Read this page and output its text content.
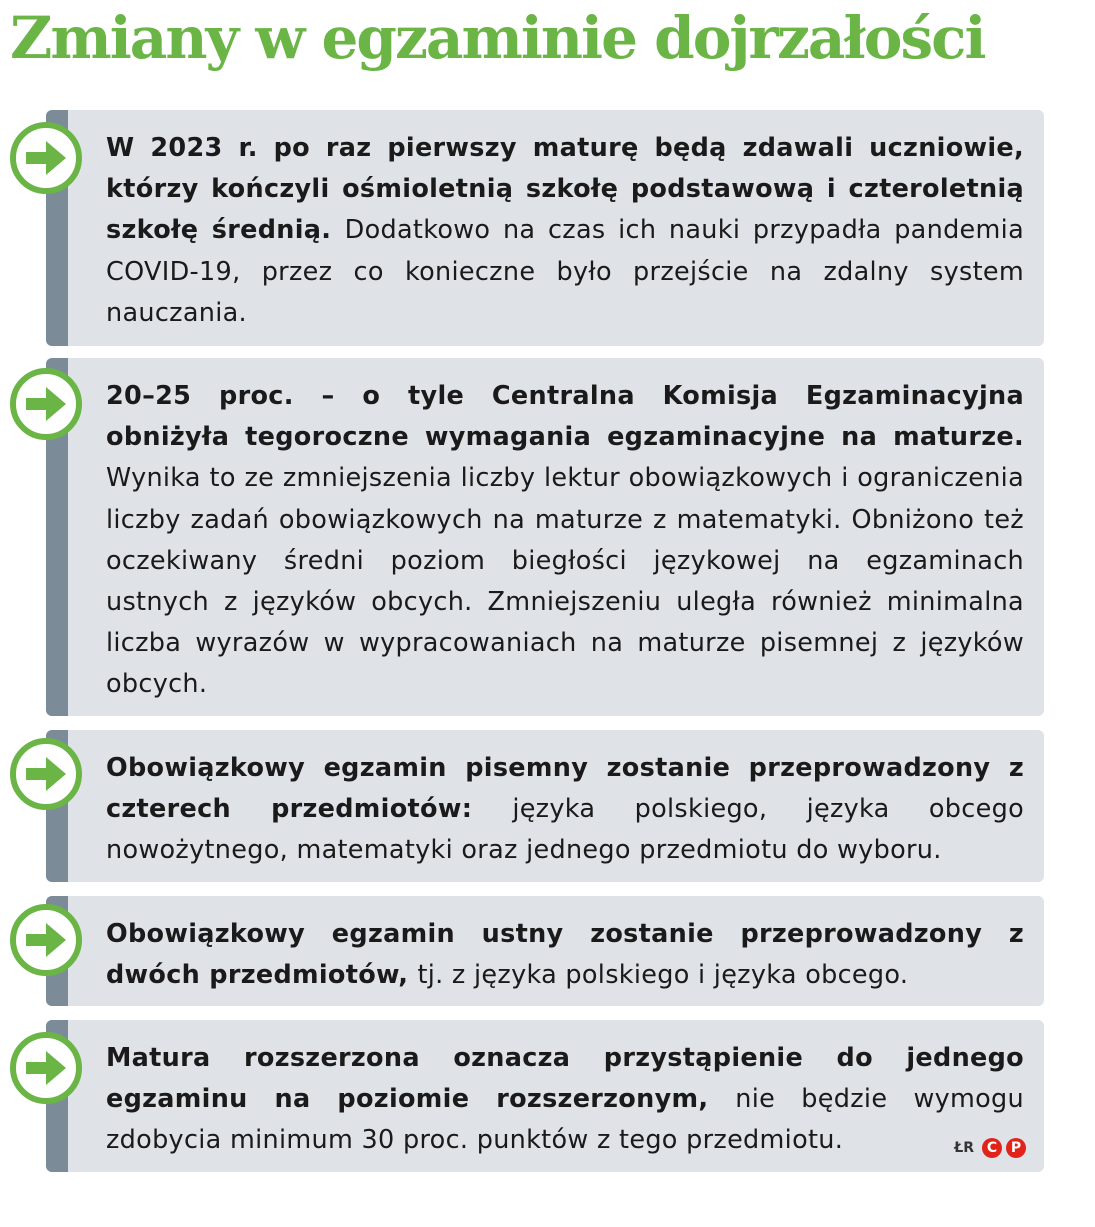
Zmiany w egzaminie dojrzałości
W 2023 r. po raz pierwszy maturę będą zdawali uczniowie, którzy kończyli ośmioletnią szkołę podstawową i czteroletnią szkołę średnią. Dodatkowo na czas ich nauki przypadła pandemia COVID-19, przez co konieczne było przejście na zdalny system nauczania.
20–25 proc. – o tyle Centralna Komisja Egzaminacyjna obniżyła tegoroczne wymagania egzaminacyjne na maturze. Wynika to ze zmniejszenia liczby lektur obowiązkowych i ograniczenia liczby zadań obowiązkowych na maturze z matematyki. Obniżono też oczekiwany średni poziom biegłości językowej na egzaminach ustnych z języków obcych. Zmniejszeniu uległa również minimalna liczba wyrazów w wypracowaniach na maturze pisemnej z języków obcych.
Obowiązkowy egzamin pisemny zostanie przeprowadzony z czterech przedmiotów: języka polskiego, języka obcego nowożytnego, matematyki oraz jednego przedmiotu do wyboru.
Obowiązkowy egzamin ustny zostanie przeprowadzony z dwóch przedmiotów, tj. z języka polskiego i języka obcego.
Matura rozszerzona oznacza przystąpienie do jednego egzaminu na poziomie rozszerzonym, nie będzie wymogu zdobycia minimum 30 proc. punktów z tego przedmiotu.	ŁR C P
